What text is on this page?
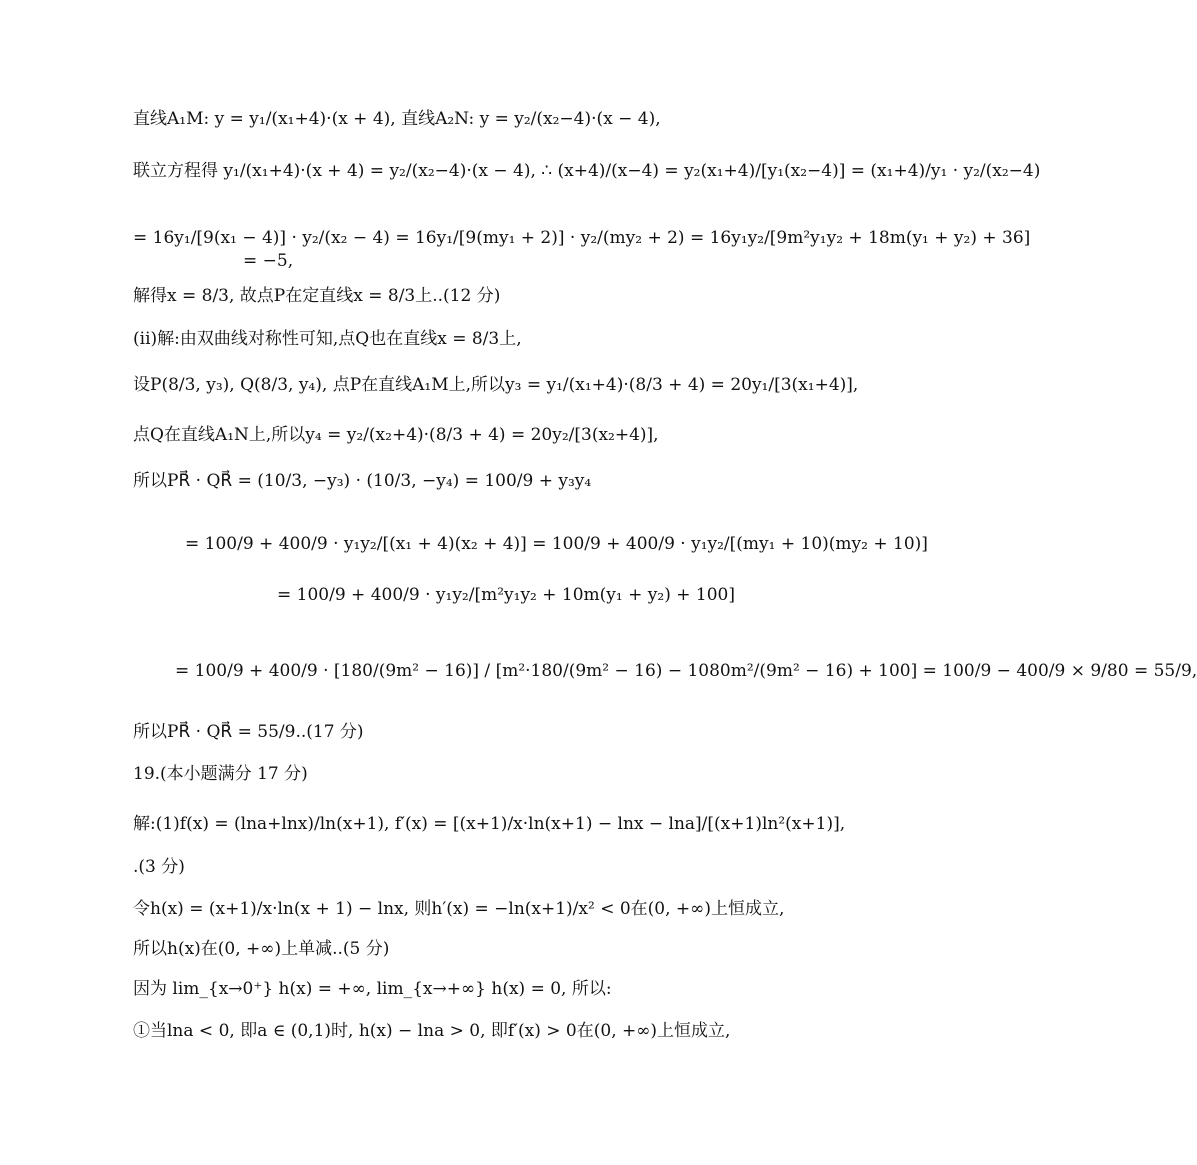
直线A₁M: y = y₁/(x₁+4)·(x + 4), 直线A₂N: y = y₂/(x₂−4)·(x − 4),
联立方程得 y₁/(x₁+4)·(x + 4) = y₂/(x₂−4)·(x − 4), ∴ (x+4)/(x−4) = y₂(x₁+4)/[y₁(x₂−4)] = (x₁+4)/y₁ · y₂/(x₂−4)
= 16y₁/[9(x₁ − 4)] · y₂/(x₂ − 4) = 16y₁/[9(my₁ + 2)] · y₂/(my₂ + 2) = 16y₁y₂/[9m²y₁y₂ + 18m(y₁ + y₂) + 36]
= −5,
解得x = 8/3, 故点P在定直线x = 8/3上..(12 分)
(ii)解:由双曲线对称性可知,点Q也在直线x = 8/3上,
设P(8/3, y₃), Q(8/3, y₄), 点P在直线A₁M上,所以y₃ = y₁/(x₁+4)·(8/3 + 4) = 20y₁/[3(x₁+4)],
点Q在直线A₁N上,所以y₄ = y₂/(x₂+4)·(8/3 + 4) = 20y₂/[3(x₂+4)],
所以PR⃗ · QR⃗ = (10/3, −y₃) · (10/3, −y₄) = 100/9 + y₃y₄
= 100/9 + 400/9 · y₁y₂/[(x₁ + 4)(x₂ + 4)] = 100/9 + 400/9 · y₁y₂/[(my₁ + 10)(my₂ + 10)]
= 100/9 + 400/9 · y₁y₂/[m²y₁y₂ + 10m(y₁ + y₂) + 100]
= 100/9 + 400/9 · [180/(9m² − 16)] / [m²·180/(9m² − 16) − 1080m²/(9m² − 16) + 100] = 100/9 − 400/9 × 9/80 = 55/9,
所以PR⃗ · QR⃗ = 55/9..(17 分)
19.(本小题满分 17 分)
解:(1)f(x) = (lna+lnx)/ln(x+1), f′(x) = [(x+1)/x·ln(x+1) − lnx − lna]/[(x+1)ln²(x+1)],
.(3 分)
令h(x) = (x+1)/x·ln(x + 1) − lnx, 则h′(x) = −ln(x+1)/x² < 0在(0, +∞)上恒成立,
所以h(x)在(0, +∞)上单减..(5 分)
因为 lim_{x→0⁺} h(x) = +∞, lim_{x→+∞} h(x) = 0, 所以:
①当lna < 0, 即a ∈ (0,1)时, h(x) − lna > 0, 即f′(x) > 0在(0, +∞)上恒成立,
